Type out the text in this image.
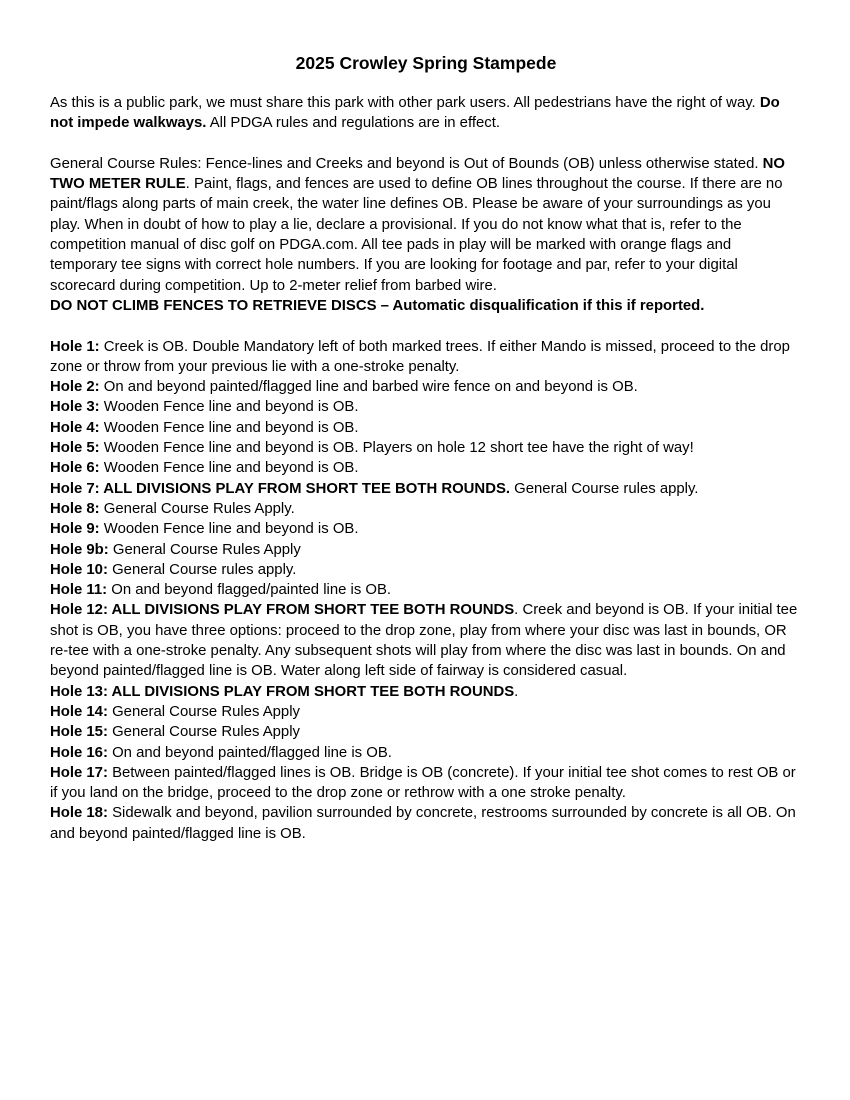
2025 Crowley Spring Stampede

As this is a public park, we must share this park with other park users. All pedestrians have the right of way. Do not impede walkways. All PDGA rules and regulations are in effect.

General Course Rules: Fence-lines and Creeks and beyond is Out of Bounds (OB) unless otherwise stated. NO TWO METER RULE. Paint, flags, and fences are used to define OB lines throughout the course. If there are no paint/flags along parts of main creek, the water line defines OB. Please be aware of your surroundings as you play. When in doubt of how to play a lie, declare a provisional. If you do not know what that is, refer to the competition manual of disc golf on PDGA.com. All tee pads in play will be marked with orange flags and temporary tee signs with correct hole numbers. If you are looking for footage and par, refer to your digital scorecard during competition. Up to 2-meter relief from barbed wire.

DO NOT CLIMB FENCES TO RETRIEVE DISCS – Automatic disqualification if this if reported.

Hole 1: Creek is OB. Double Mandatory left of both marked trees. If either Mando is missed, proceed to the drop zone or throw from your previous lie with a one-stroke penalty.

Hole 2: On and beyond painted/flagged line and barbed wire fence on and beyond is OB.

Hole 3: Wooden Fence line and beyond is OB.

Hole 4: Wooden Fence line and beyond is OB.

Hole 5: Wooden Fence line and beyond is OB. Players on hole 12 short tee have the right of way!

Hole 6: Wooden Fence line and beyond is OB.

Hole 7: ALL DIVISIONS PLAY FROM SHORT TEE BOTH ROUNDS. General Course rules apply.

Hole 8: General Course Rules Apply.

Hole 9: Wooden Fence line and beyond is OB.

Hole 9b: General Course Rules Apply

Hole 10: General Course rules apply.

Hole 11: On and beyond flagged/painted line is OB.

Hole 12: ALL DIVISIONS PLAY FROM SHORT TEE BOTH ROUNDS. Creek and beyond is OB. If your initial tee shot is OB, you have three options: proceed to the drop zone, play from where your disc was last in bounds, OR re-tee with a one-stroke penalty. Any subsequent shots will play from where the disc was last in bounds. On and beyond painted/flagged line is OB. Water along left side of fairway is considered casual.

Hole 13: ALL DIVISIONS PLAY FROM SHORT TEE BOTH ROUNDS.

Hole 14: General Course Rules Apply

Hole 15: General Course Rules Apply

Hole 16: On and beyond painted/flagged line is OB.

Hole 17: Between painted/flagged lines is OB. Bridge is OB (concrete). If your initial tee shot comes to rest OB or if you land on the bridge, proceed to the drop zone or rethrow with a one stroke penalty.

Hole 18: Sidewalk and beyond, pavilion surrounded by concrete, restrooms surrounded by concrete is all OB. On and beyond painted/flagged line is OB.
